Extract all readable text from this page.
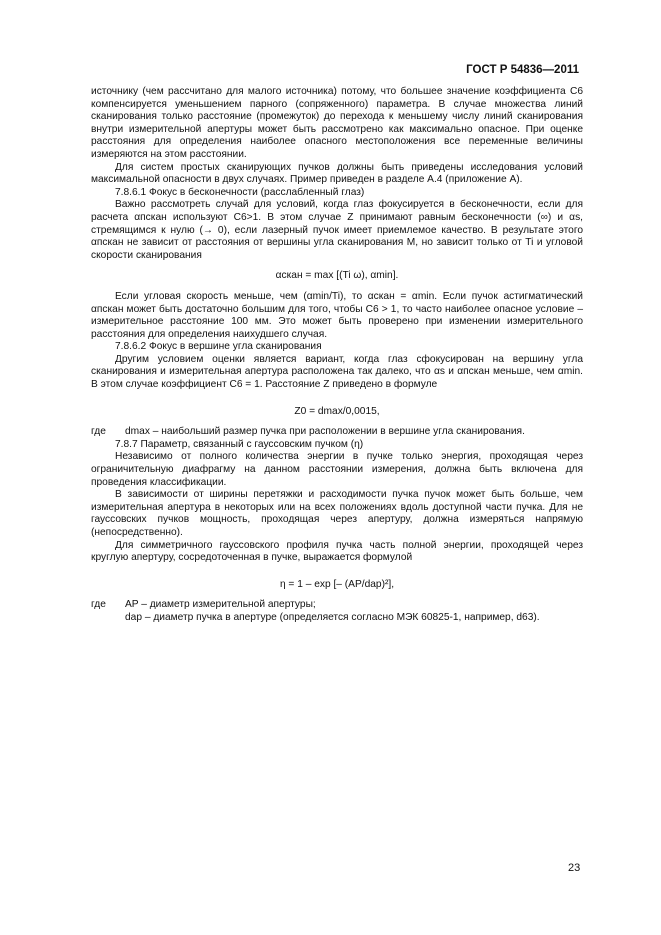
ГОСТ Р 54836—2011

источнику (чем рассчитано для малого источника) потому, что большее значение коэффициента C6 компенсируется уменьшением парного (сопряженного) параметра. В случае множества линий сканирования только расстояние (промежуток) до перехода к меньшему числу линий сканирования внутри измерительной апертуры может быть рассмотрено как максимально опасное. При оценке расстояния для определения наиболее опасного местоположения все переменные величины измеряются на этом расстоянии.

Для систем простых сканирующих пучков должны быть приведены исследования условий максимальной опасности в двух случаях. Пример приведен в разделе А.4 (приложение А).

7.8.6.1 Фокус в бесконечности (расслабленный глаз)

Важно рассмотреть случай для условий, когда глаз фокусируется в бесконечности, если для расчета αпскан используют C6>1. В этом случае Z принимают равным бесконечности (∞) и αs, стремящимся к нулю (→ 0), если лазерный пучок имеет приемлемое качество. В результате этого αпскан не зависит от расстояния от вершины угла сканирования M, но зависит только от Ti и угловой скорости сканирования

αскан = max [(Ti ω), αmin].

Если угловая скорость меньше, чем (αmin/Ti), то αскан = αmin. Если пучок астигматический αпскан может быть достаточно большим для того, чтобы C6 > 1, то часто наиболее опасное условие – измерительное расстояние 100 мм. Это может быть проверено при изменении измерительного расстояния для определения наихудшего случая.

7.8.6.2 Фокус в вершине угла сканирования

Другим условием оценки является вариант, когда глаз сфокусирован на вершину угла сканирования и измерительная апертура расположена так далеко, что αs и αпскан меньше, чем αmin. В этом случае коэффициент C6 = 1. Расстояние Z приведено в формуле

Z0 = dmax/0,0015,

где	dmax – наибольший размер пучка при расположении в вершине угла сканирования.

7.8.7 Параметр, связанный с гауссовским пучком (η)

Независимо от полного количества энергии в пучке только энергия, проходящая через ограничительную диафрагму на данном расстоянии измерения, должна быть включена для проведения классификации.

В зависимости от ширины перетяжки и расходимости пучка пучок может быть больше, чем измерительная апертура в некоторых или на всех положениях вдоль доступной части пучка. Для не гауссовских пучков мощность, проходящая через апертуру, должна измеряться напрямую (непосредственно).

Для симметричного гауссовского профиля пучка часть полной энергии, проходящей через круглую апертуру, сосредоточенная в пучке, выражается формулой

η = 1 – exp [– (AP/dap)²],

где	AP – диаметр измерительной апертуры;
dap – диаметр пучка в апертуре (определяется согласно МЭК 60825-1, например, d63).
23
